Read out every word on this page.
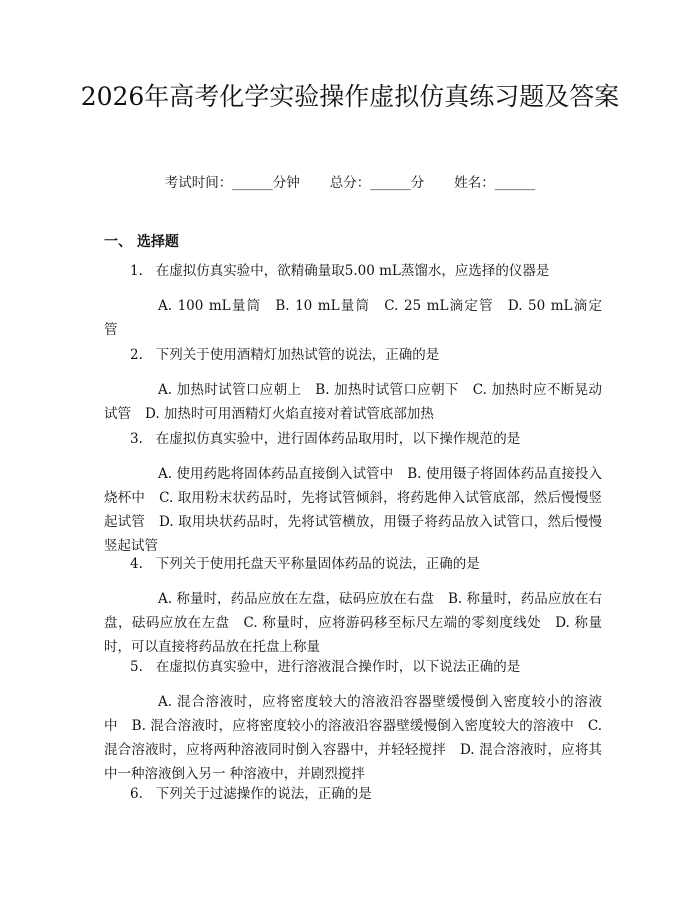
2026年高考化学实验操作虚拟仿真练习题及答案
考试时间：______分钟 总分：______分 姓名：______
一、 选择题
1. 在虚拟仿真实验中，欲精确量取5.00 mL蒸馏水，应选择的仪器是
A. 100 mL量筒 B. 10 mL量筒 C. 25 mL滴定管 D. 50 mL滴定管
2. 下列关于使用酒精灯加热试管的说法，正确的是
A. 加热时试管口应朝上 B. 加热时试管口应朝下 C. 加热时应不断晃动试管 D. 加热时可用酒精灯火焰直接对着试管底部加热
3. 在虚拟仿真实验中，进行固体药品取用时，以下操作规范的是
A. 使用药匙将固体药品直接倒入试管中 B. 使用镊子将固体药品直接投入烧杯中 C. 取用粉末状药品时，先将试管倾斜，将药匙伸入试管底部，然后慢慢竖起试管 D. 取用块状药品时，先将试管横放，用镊子将药品放入试管口，然后慢慢竖起试管
4. 下列关于使用托盘天平称量固体药品的说法，正确的是
A. 称量时，药品应放在左盘，砝码应放在右盘 B. 称量时，药品应放在右盘，砝码应放在左盘 C. 称量时，应将游码移至标尺左端的零刻度线处 D. 称量时，可以直接将药品放在托盘上称量
5. 在虚拟仿真实验中，进行溶液混合操作时，以下说法正确的是
A. 混合溶液时，应将密度较大的溶液沿容器壁缓慢倒入密度较小的溶液中 B. 混合溶液时，应将密度较小的溶液沿容器壁缓慢倒入密度较大的溶液中 C. 混合溶液时，应将两种溶液同时倒入容器中，并轻轻搅拌 D. 混合溶液时，应将其中一种溶液倒入另一 种溶液中，并剧烈搅拌
6. 下列关于过滤操作的说法，正确的是
